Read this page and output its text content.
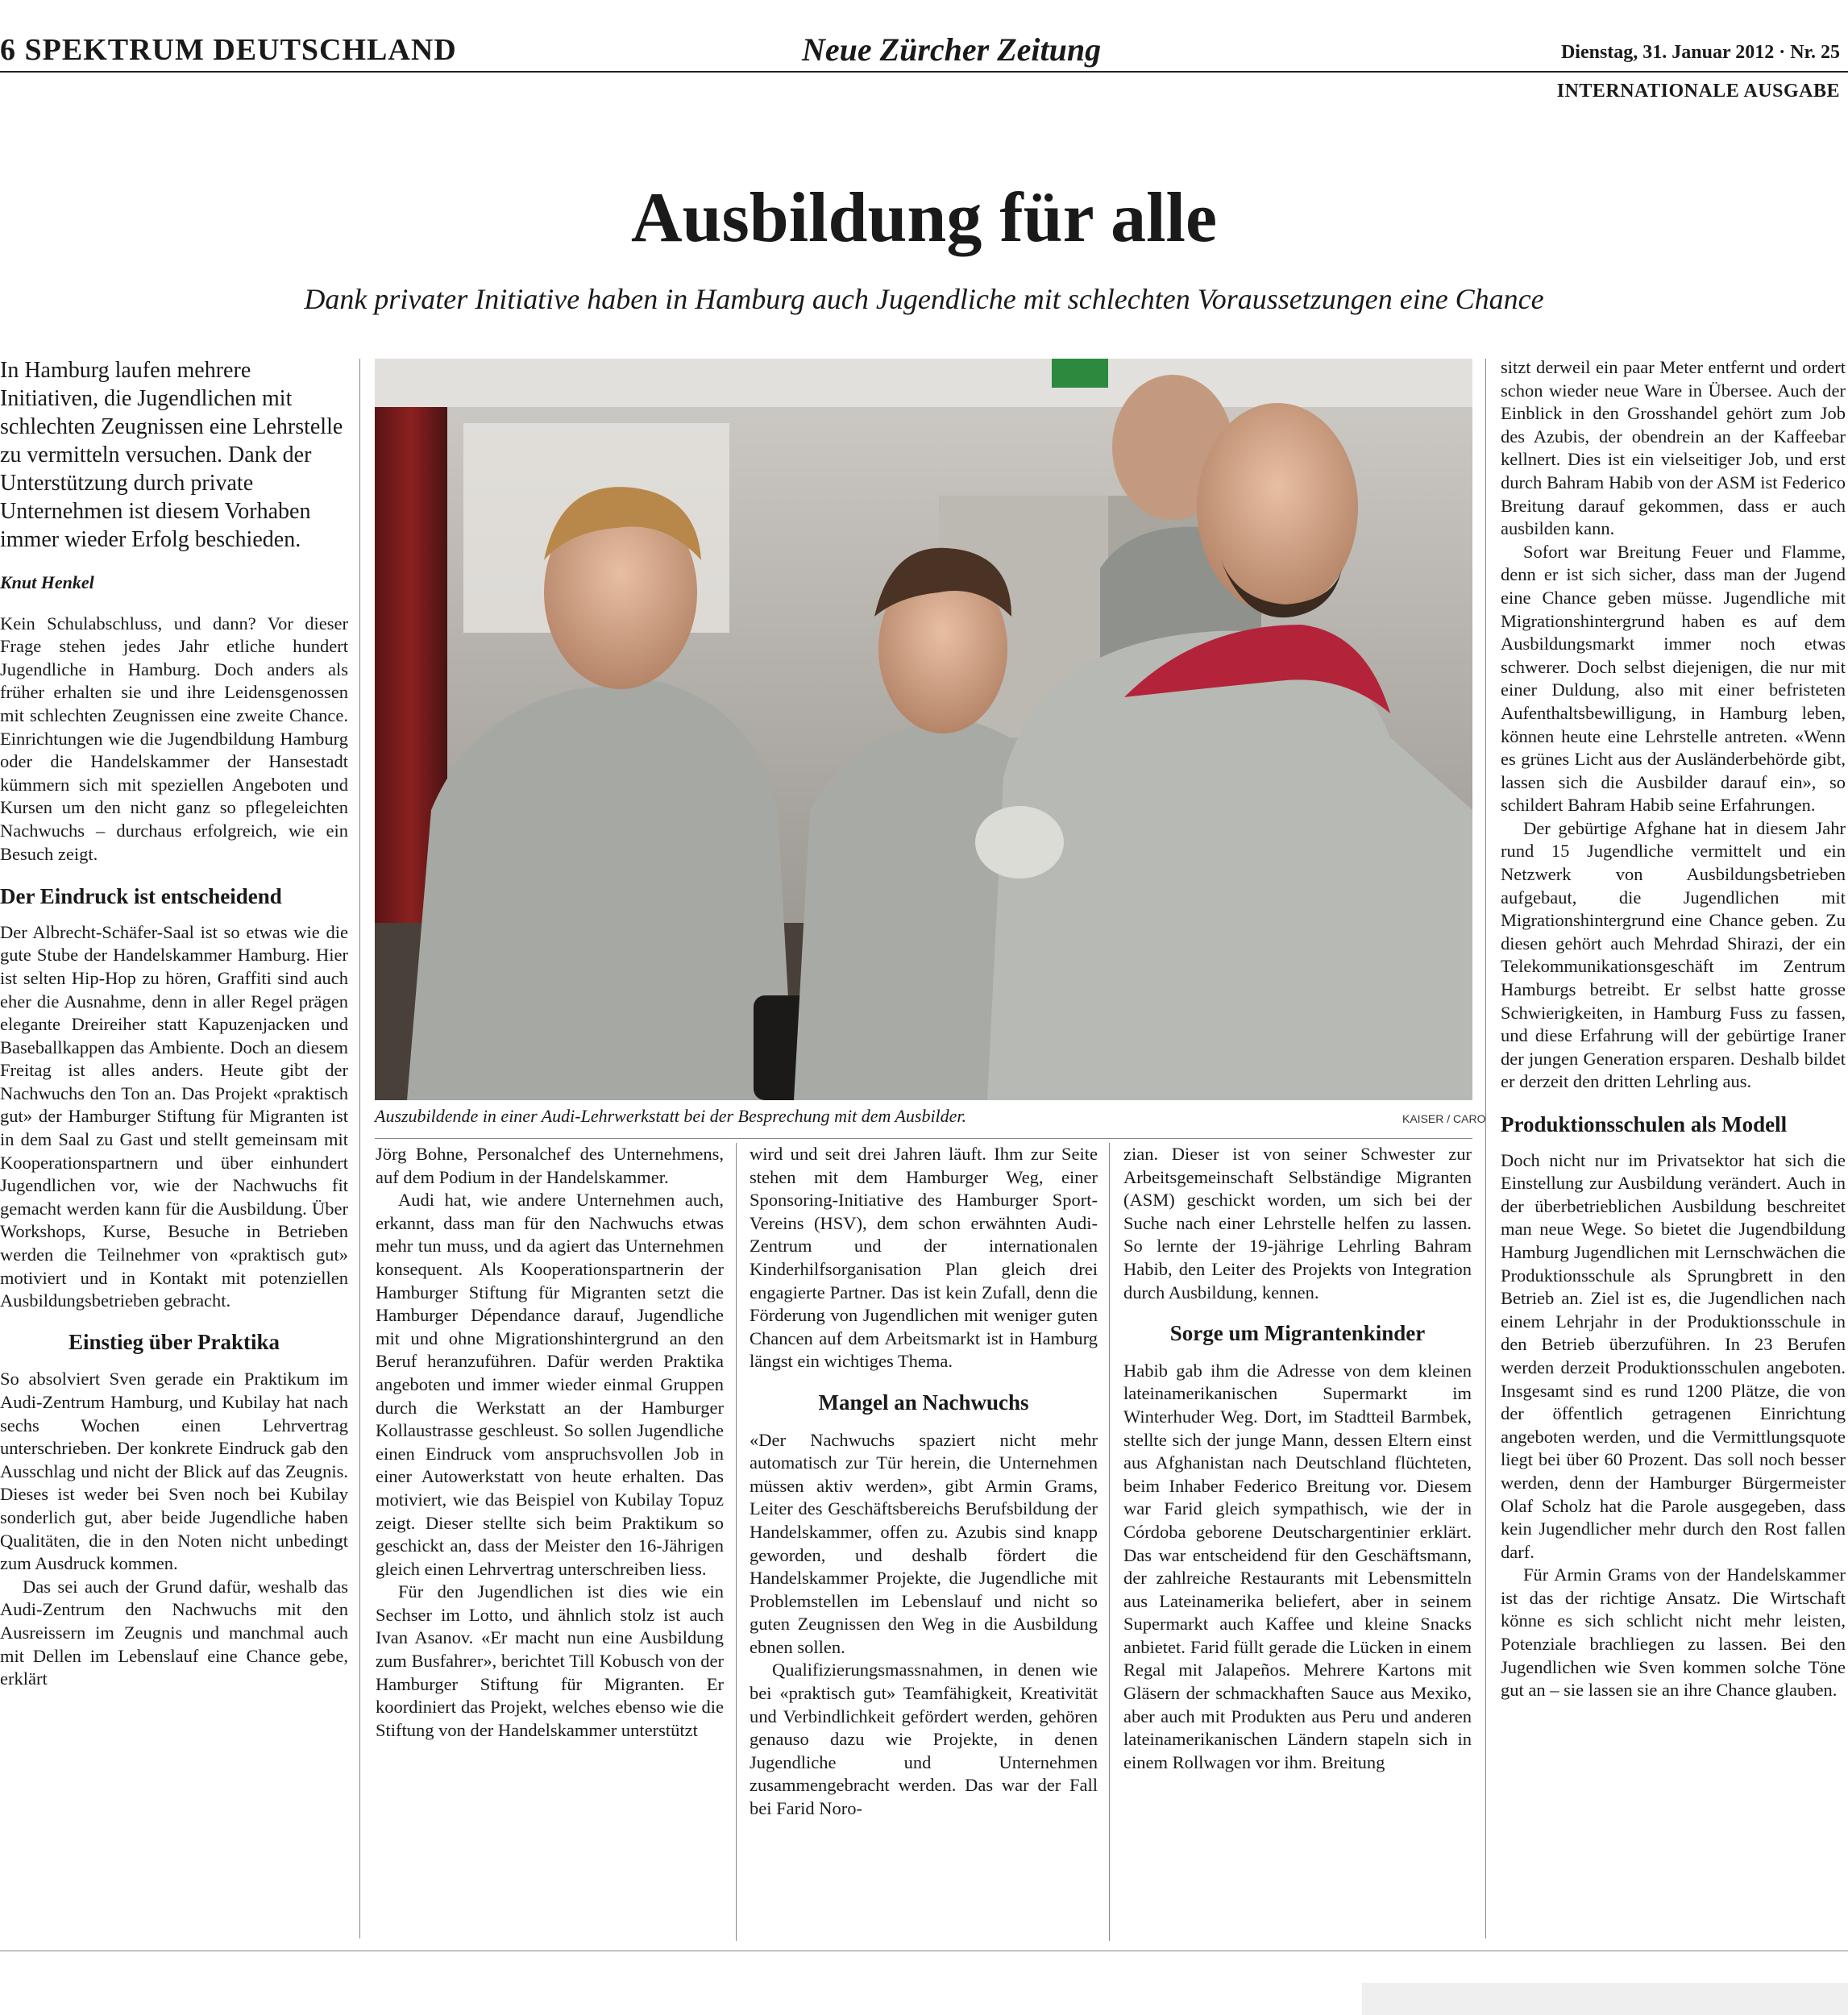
6 SPEKTRUM DEUTSCHLAND	Neue Zürcher Zeitung	Dienstag, 31. Januar 2012 · Nr. 25
INTERNATIONALE AUSGABE
Ausbildung für alle
Dank privater Initiative haben in Hamburg auch Jugendliche mit schlechten Voraussetzungen eine Chance

In Hamburg laufen mehrere Initiativen, die Jugendlichen mit schlechten Zeugnissen eine Lehrstelle zu vermitteln versuchen. Dank der Unterstützung durch private Unternehmen ist diesem Vorhaben immer wieder Erfolg beschieden.

Knut Henkel

Kein Schulabschluss, und dann? Vor dieser Frage stehen jedes Jahr etliche hundert Jugendliche in Hamburg. Doch anders als früher erhalten sie und ihre Leidensgenossen mit schlechten Zeugnissen eine zweite Chance. Einrichtungen wie die Jugendbildung Hamburg oder die Handelskammer der Hansestadt kümmern sich mit speziellen Angeboten und Kursen um den nicht ganz so pflegeleichten Nachwuchs – durchaus erfolgreich, wie ein Besuch zeigt.

Der Eindruck ist entscheidend

Der Albrecht-Schäfer-Saal ist so etwas wie die gute Stube der Handelskammer Hamburg. Hier ist selten Hip-Hop zu hören, Graffiti sind auch eher die Ausnahme, denn in aller Regel prägen elegante Dreireiher statt Kapuzenjacken und Baseballkappen das Ambiente. Doch an diesem Freitag ist alles anders. Heute gibt der Nachwuchs den Ton an. Das Projekt «praktisch gut» der Hamburger Stiftung für Migranten ist in dem Saal zu Gast und stellt gemeinsam mit Kooperationspartnern und über einhundert Jugendlichen vor, wie der Nachwuchs fit gemacht werden kann für die Ausbildung. Über Workshops, Kurse, Besuche in Betrieben werden die Teilnehmer von «praktisch gut» motiviert und in Kontakt mit potenziellen Ausbildungsbetrieben gebracht.

Einstieg über Praktika

So absolviert Sven gerade ein Praktikum im Audi-Zentrum Hamburg, und Kubilay hat nach sechs Wochen einen Lehrvertrag unterschrieben. Der konkrete Eindruck gab den Ausschlag und nicht der Blick auf das Zeugnis. Dieses ist weder bei Sven noch bei Kubilay sonderlich gut, aber beide Jugendliche haben Qualitäten, die in den Noten nicht unbedingt zum Ausdruck kommen.

Das sei auch der Grund dafür, weshalb das Audi-Zentrum den Nachwuchs mit den Ausreissern im Zeugnis und manchmal auch mit Dellen im Lebenslauf eine Chance gebe, erklärt

Auszubildende in einer Audi-Lehrwerkstatt bei der Besprechung mit dem Ausbilder.	KAISER / CARO

Jörg Bohne, Personalchef des Unternehmens, auf dem Podium in der Handelskammer.

Audi hat, wie andere Unternehmen auch, erkannt, dass man für den Nachwuchs etwas mehr tun muss, und da agiert das Unternehmen konsequent. Als Kooperationspartnerin der Hamburger Stiftung für Migranten setzt die Hamburger Dépendance darauf, Jugendliche mit und ohne Migrationshintergrund an den Beruf heranzuführen. Dafür werden Praktika angeboten und immer wieder einmal Gruppen durch die Werkstatt an der Hamburger Kollaustrasse geschleust. So sollen Jugendliche einen Eindruck vom anspruchsvollen Job in einer Autowerkstatt von heute erhalten. Das motiviert, wie das Beispiel von Kubilay Topuz zeigt. Dieser stellte sich beim Praktikum so geschickt an, dass der Meister den 16-Jährigen gleich einen Lehrvertrag unterschreiben liess.

Für den Jugendlichen ist dies wie ein Sechser im Lotto, und ähnlich stolz ist auch Ivan Asanov. «Er macht nun eine Ausbildung zum Busfahrer», berichtet Till Kobusch von der Hamburger Stiftung für Migranten. Er koordiniert das Projekt, welches ebenso wie die Stiftung von der Handelskammer unterstützt

wird und seit drei Jahren läuft. Ihm zur Seite stehen mit dem Hamburger Weg, einer Sponsoring-Initiative des Hamburger Sport-Vereins (HSV), dem schon erwähnten Audi-Zentrum und der internationalen Kinderhilfsorganisation Plan gleich drei engagierte Partner. Das ist kein Zufall, denn die Förderung von Jugendlichen mit weniger guten Chancen auf dem Arbeitsmarkt ist in Hamburg längst ein wichtiges Thema.

Mangel an Nachwuchs

«Der Nachwuchs spaziert nicht mehr automatisch zur Tür herein, die Unternehmen müssen aktiv werden», gibt Armin Grams, Leiter des Geschäftsbereichs Berufsbildung der Handelskammer, offen zu. Azubis sind knapp geworden, und deshalb fördert die Handelskammer Projekte, die Jugendliche mit Problemstellen im Lebenslauf und nicht so guten Zeugnissen den Weg in die Ausbildung ebnen sollen.

Qualifizierungsmassnahmen, in denen wie bei «praktisch gut» Teamfähigkeit, Kreativität und Verbindlichkeit gefördert werden, gehören genauso dazu wie Projekte, in denen Jugendliche und Unternehmen zusammengebracht werden. Das war der Fall bei Farid Noro-

zian. Dieser ist von seiner Schwester zur Arbeitsgemeinschaft Selbständige Migranten (ASM) geschickt worden, um sich bei der Suche nach einer Lehrstelle helfen zu lassen. So lernte der 19-jährige Lehrling Bahram Habib, den Leiter des Projekts von Integration durch Ausbildung, kennen.

Sorge um Migrantenkinder

Habib gab ihm die Adresse von dem kleinen lateinamerikanischen Supermarkt im Winterhuder Weg. Dort, im Stadtteil Barmbek, stellte sich der junge Mann, dessen Eltern einst aus Afghanistan nach Deutschland flüchteten, beim Inhaber Federico Breitung vor. Diesem war Farid gleich sympathisch, wie der in Córdoba geborene Deutschargentinier erklärt. Das war entscheidend für den Geschäftsmann, der zahlreiche Restaurants mit Lebensmitteln aus Lateinamerika beliefert, aber in seinem Supermarkt auch Kaffee und kleine Snacks anbietet. Farid füllt gerade die Lücken in einem Regal mit Jalapeños. Mehrere Kartons mit Gläsern der schmackhaften Sauce aus Mexiko, aber auch mit Produkten aus Peru und anderen lateinamerikanischen Ländern stapeln sich in einem Rollwagen vor ihm. Breitung

sitzt derweil ein paar Meter entfernt und ordert schon wieder neue Ware in Übersee. Auch der Einblick in den Grosshandel gehört zum Job des Azubis, der obendrein an der Kaffeebar kellnert. Dies ist ein vielseitiger Job, und erst durch Bahram Habib von der ASM ist Federico Breitung darauf gekommen, dass er auch ausbilden kann.

Sofort war Breitung Feuer und Flamme, denn er ist sich sicher, dass man der Jugend eine Chance geben müsse. Jugendliche mit Migrationshintergrund haben es auf dem Ausbildungsmarkt immer noch etwas schwerer. Doch selbst diejenigen, die nur mit einer Duldung, also mit einer befristeten Aufenthaltsbewilligung, in Hamburg leben, können heute eine Lehrstelle antreten. «Wenn es grünes Licht aus der Ausländerbehörde gibt, lassen sich die Ausbilder darauf ein», so schildert Bahram Habib seine Erfahrungen.

Der gebürtige Afghane hat in diesem Jahr rund 15 Jugendliche vermittelt und ein Netzwerk von Ausbildungsbetrieben aufgebaut, die Jugendlichen mit Migrationshintergrund eine Chance geben. Zu diesen gehört auch Mehrdad Shirazi, der ein Telekommunikationsgeschäft im Zentrum Hamburgs betreibt. Er selbst hatte grosse Schwierigkeiten, in Hamburg Fuss zu fassen, und diese Erfahrung will der gebürtige Iraner der jungen Generation ersparen. Deshalb bildet er derzeit den dritten Lehrling aus.

Produktionsschulen als Modell

Doch nicht nur im Privatsektor hat sich die Einstellung zur Ausbildung verändert. Auch in der überbetrieblichen Ausbildung beschreitet man neue Wege. So bietet die Jugendbildung Hamburg Jugendlichen mit Lernschwächen die Produktionsschule als Sprungbrett in den Betrieb an. Ziel ist es, die Jugendlichen nach einem Lehrjahr in der Produktionsschule in den Betrieb überzuführen. In 23 Berufen werden derzeit Produktionsschulen angeboten. Insgesamt sind es rund 1200 Plätze, die von der öffentlich getragenen Einrichtung angeboten werden, und die Vermittlungsquote liegt bei über 60 Prozent. Das soll noch besser werden, denn der Hamburger Bürgermeister Olaf Scholz hat die Parole ausgegeben, dass kein Jugendlicher mehr durch den Rost fallen darf.

Für Armin Grams von der Handelskammer ist das der richtige Ansatz. Die Wirtschaft könne es sich schlicht nicht mehr leisten, Potenziale brachliegen zu lassen. Bei den Jugendlichen wie Sven kommen solche Töne gut an – sie lassen sie an ihre Chance glauben.
